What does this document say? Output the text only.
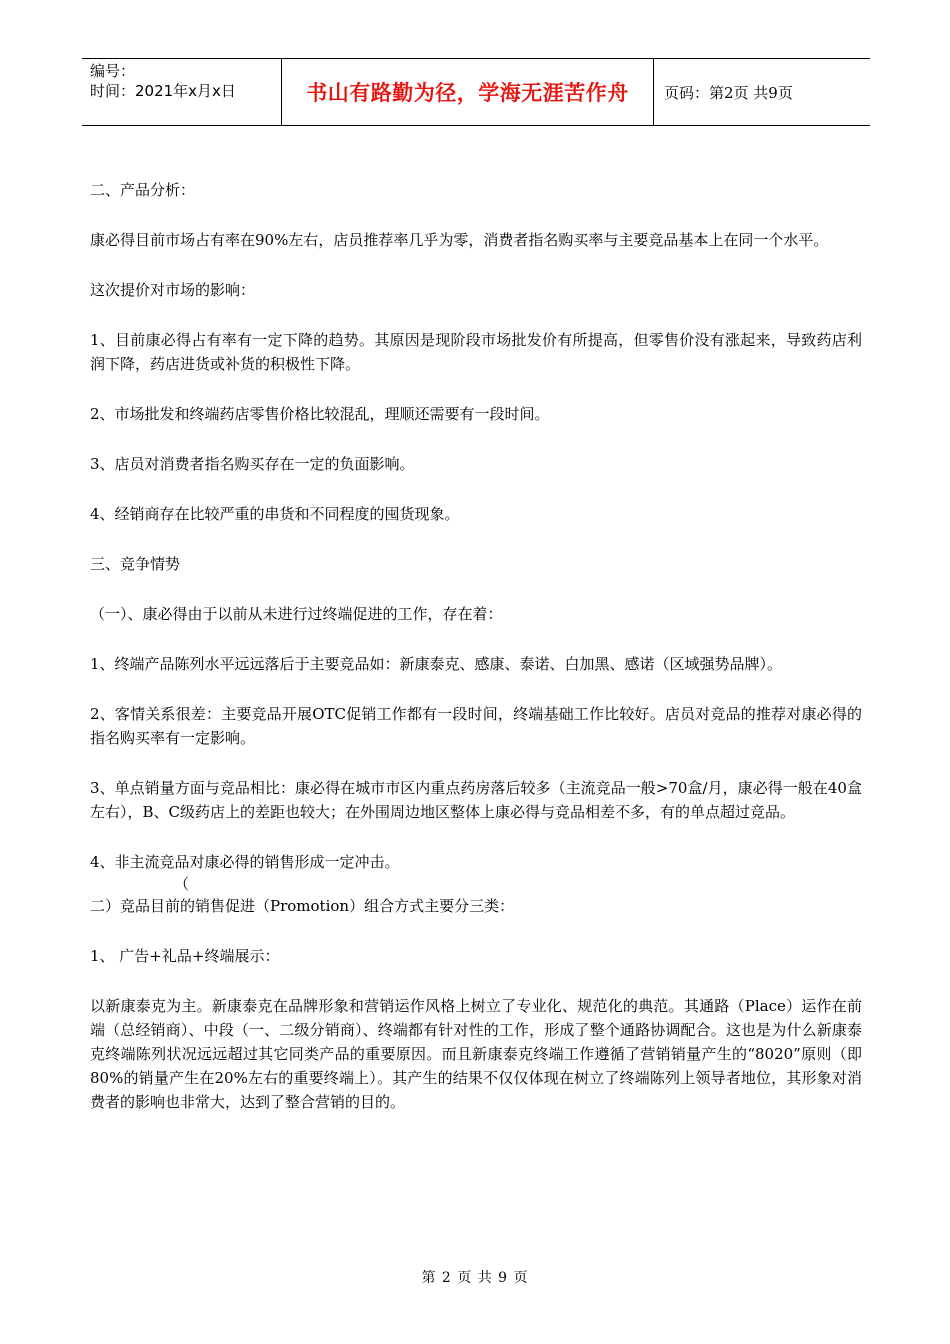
编号：
时间：2021年x月x日	书山有路勤为径，学海无涯苦作舟	页码：第2页 共9页

二、产品分析：

康必得目前市场占有率在90%左右，店员推荐率几乎为零，消费者指名购买率与主要竞品基本上在同一个水平。

这次提价对市场的影响：

1、目前康必得占有率有一定下降的趋势。其原因是现阶段市场批发价有所提高，但零售价没有涨起来，导致药店利润下降，药店进货或补货的积极性下降。

2、市场批发和终端药店零售价格比较混乱，理顺还需要有一段时间。

3、店员对消费者指名购买存在一定的负面影响。

4、经销商存在比较严重的串货和不同程度的囤货现象。

三、竞争情势

（一）、康必得由于以前从未进行过终端促进的工作，存在着：

1、终端产品陈列水平远远落后于主要竞品如：新康泰克、感康、泰诺、白加黑、感诺（区域强势品牌）。

2、客情关系很差：主要竞品开展OTC促销工作都有一段时间，终端基础工作比较好。店员对竞品的推荐对康必得的指名购买率有一定影响。

3、单点销量方面与竞品相比：康必得在城市市区内重点药房落后较多（主流竞品一般>70盒/月，康必得一般在40盒左右），B、C级药店上的差距也较大；在外围周边地区整体上康必得与竞品相差不多，有的单点超过竞品。

4、非主流竞品对康必得的销售形成一定冲击。

（

二）竞品目前的销售促进（Promotion）组合方式主要分三类：

1、 广告+礼品+终端展示：

以新康泰克为主。新康泰克在品牌形象和营销运作风格上树立了专业化、规范化的典范。其通路（Place）运作在前端（总经销商）、中段（一、二级分销商）、终端都有针对性的工作，形成了整个通路协调配合。这也是为什么新康泰克终端陈列状况远远超过其它同类产品的重要原因。而且新康泰克终端工作遵循了营销销量产生的“8020”原则（即80%的销量产生在20%左右的重要终端上）。其产生的结果不仅仅体现在树立了终端陈列上领导者地位，其形象对消费者的影响也非常大，达到了整合营销的目的。

第 2 页 共 9 页
